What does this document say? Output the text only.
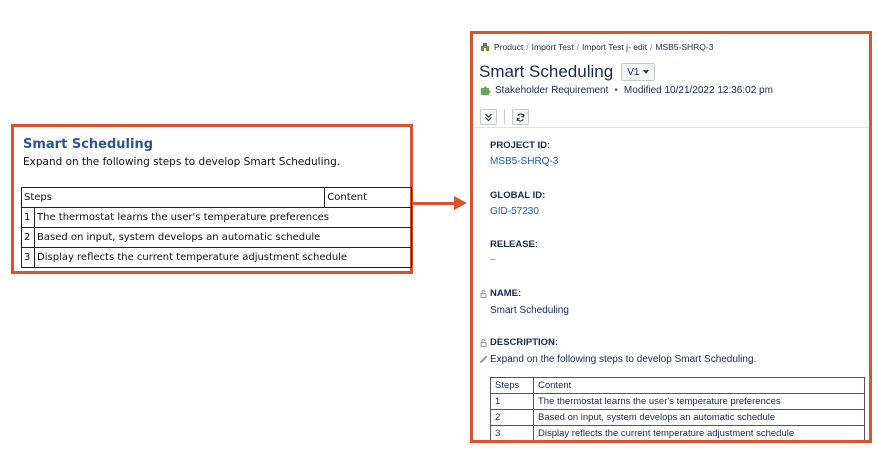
Smart Scheduling
Expand on the following steps to develop Smart Scheduling.
Steps		Content
1	The thermostat learns the user's temperature preferences	
2	Based on input, system develops an automatic schedule	
3	Display reflects the current temperature adjustment schedule	
Product / Import Test / Import Test j- edit / MSB5-SHRQ-3
Smart Scheduling V1
Stakeholder Requirement • Modified 10/21/2022 12:36:02 pm
PROJECT ID:
MSB5-SHRQ-3
GLOBAL ID:
GID-57230
RELEASE:
–
NAME:
Smart Scheduling
DESCRIPTION:
Expand on the following steps to develop Smart Scheduling.
Steps	Content
1	The thermostat learns the user's temperature preferences
2	Based on input, system develops an automatic schedule
3	Display reflects the current temperature adjustment schedule
